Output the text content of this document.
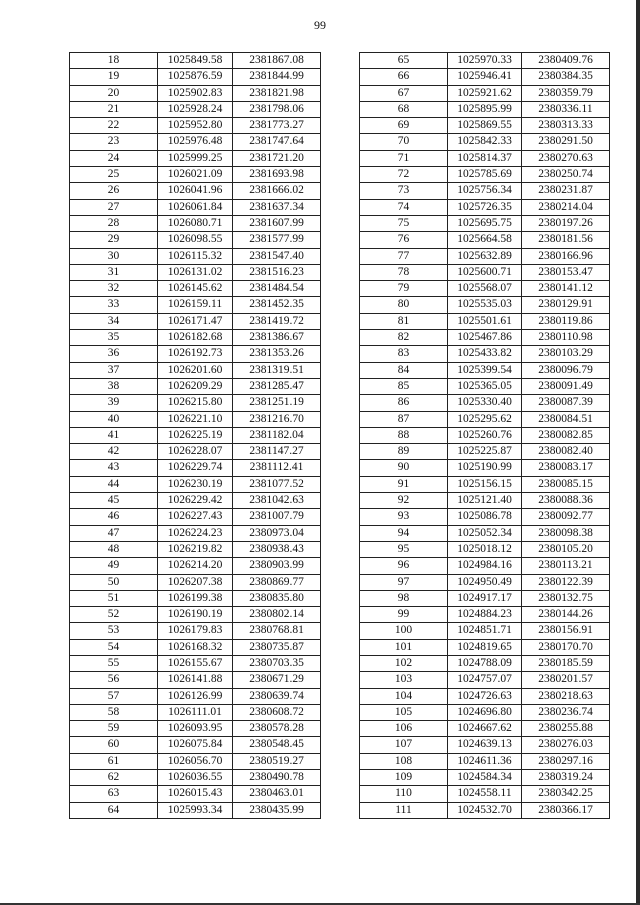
99
18	1025849.58	2381867.08
19	1025876.59	2381844.99
20	1025902.83	2381821.98
21	1025928.24	2381798.06
22	1025952.80	2381773.27
23	1025976.48	2381747.64
24	1025999.25	2381721.20
25	1026021.09	2381693.98
26	1026041.96	2381666.02
27	1026061.84	2381637.34
28	1026080.71	2381607.99
29	1026098.55	2381577.99
30	1026115.32	2381547.40
31	1026131.02	2381516.23
32	1026145.62	2381484.54
33	1026159.11	2381452.35
34	1026171.47	2381419.72
35	1026182.68	2381386.67
36	1026192.73	2381353.26
37	1026201.60	2381319.51
38	1026209.29	2381285.47
39	1026215.80	2381251.19
40	1026221.10	2381216.70
41	1026225.19	2381182.04
42	1026228.07	2381147.27
43	1026229.74	2381112.41
44	1026230.19	2381077.52
45	1026229.42	2381042.63
46	1026227.43	2381007.79
47	1026224.23	2380973.04
48	1026219.82	2380938.43
49	1026214.20	2380903.99
50	1026207.38	2380869.77
51	1026199.38	2380835.80
52	1026190.19	2380802.14
53	1026179.83	2380768.81
54	1026168.32	2380735.87
55	1026155.67	2380703.35
56	1026141.88	2380671.29
57	1026126.99	2380639.74
58	1026111.01	2380608.72
59	1026093.95	2380578.28
60	1026075.84	2380548.45
61	1026056.70	2380519.27
62	1026036.55	2380490.78
63	1026015.43	2380463.01
64	1025993.34	2380435.99
65	1025970.33	2380409.76
66	1025946.41	2380384.35
67	1025921.62	2380359.79
68	1025895.99	2380336.11
69	1025869.55	2380313.33
70	1025842.33	2380291.50
71	1025814.37	2380270.63
72	1025785.69	2380250.74
73	1025756.34	2380231.87
74	1025726.35	2380214.04
75	1025695.75	2380197.26
76	1025664.58	2380181.56
77	1025632.89	2380166.96
78	1025600.71	2380153.47
79	1025568.07	2380141.12
80	1025535.03	2380129.91
81	1025501.61	2380119.86
82	1025467.86	2380110.98
83	1025433.82	2380103.29
84	1025399.54	2380096.79
85	1025365.05	2380091.49
86	1025330.40	2380087.39
87	1025295.62	2380084.51
88	1025260.76	2380082.85
89	1025225.87	2380082.40
90	1025190.99	2380083.17
91	1025156.15	2380085.15
92	1025121.40	2380088.36
93	1025086.78	2380092.77
94	1025052.34	2380098.38
95	1025018.12	2380105.20
96	1024984.16	2380113.21
97	1024950.49	2380122.39
98	1024917.17	2380132.75
99	1024884.23	2380144.26
100	1024851.71	2380156.91
101	1024819.65	2380170.70
102	1024788.09	2380185.59
103	1024757.07	2380201.57
104	1024726.63	2380218.63
105	1024696.80	2380236.74
106	1024667.62	2380255.88
107	1024639.13	2380276.03
108	1024611.36	2380297.16
109	1024584.34	2380319.24
110	1024558.11	2380342.25
111	1024532.70	2380366.17
